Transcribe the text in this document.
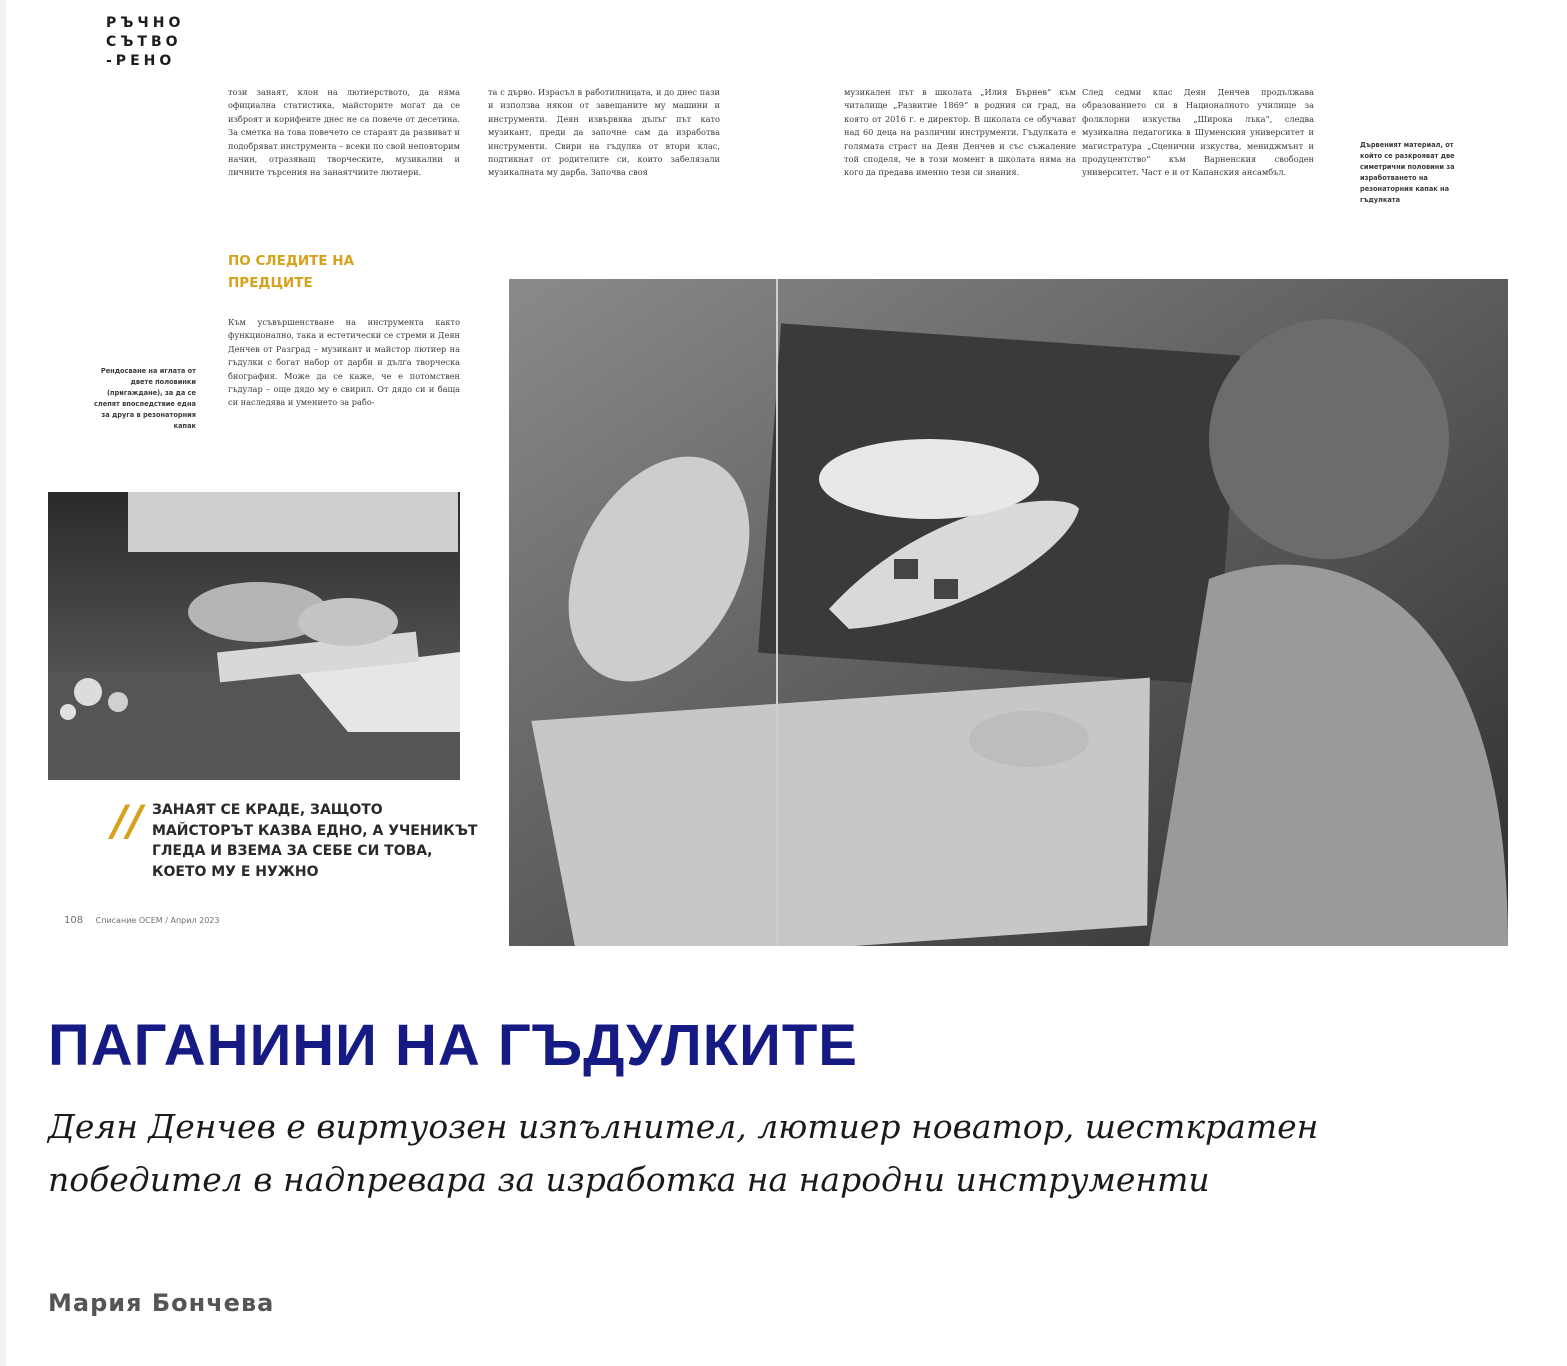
РЪЧНО
СЪТВО
-РЕНО
този занаят, клон на лютиерството, да няма официална статистика, майсторите могат да се изброят и корифеите днес не са повече от десетина. За сметка на това повечето се стараят да развиват и подобряват инструмента – всеки по свой неповторим начин, отразяващ творческите, музикални и личните търсения на занаятчиите лютиери.
та с дърво. Израсъл в работилницата, и до днес пази и използва някои от завещаните му машини и инструменти. Деян извървява дълъг път като музикант, преди да започне сам да изработва инструменти. Свири на гъдулка от втори клас, подтикнат от родителите си, които забелязали музикалната му дарба. Започва своя
музикален път в школата „Илия Бърнев“ към читалище „Развитие 1869“ в родния си град, на която от 2016 г. е директор. В школата се обучават над 60 деца на различни инструменти. Гъдулката е голямата страст на Деян Денчев и със съжаление той споделя, че в този момент в школата няма на кого да предава именно тези си знания.
След седми клас Деян Денчев продължава образованието си в Националното училище за фолклорни изкуства „Широка лъка“, следва музикална педагогика в Шуменския университет и магистратура „Сценични изкуства, мениджмънт и продуцентство“ към Варненския свободен университет. Част е и от Капанския ансамбъл.
ПО СЛЕДИТЕ НА ПРЕДЦИТЕ
Към усъвършенстване на инструмента както функционално, така и естетически се стреми и Деян Денчев от Разград – музикант и майстор лютиер на гъдулки с богат набор от дарби и дълга творческа биография. Може да се каже, че е потомствен гъдулар – още дядо му е свирил. От дядо си и баща си наследява и умението за рабо-
Рендосване на иглата от двете половинки (пригаждане), за да се слепят впоследствие една за друга в резонаторния капак
Дървеният материал, от който се разкрояват две симетрични половини за изработването на резонаторния капак на гъдулката
// ЗАНАЯТ СЕ КРАДЕ, ЗАЩОТО МАЙСТОРЪТ КАЗВА ЕДНО, А УЧЕНИКЪТ ГЛЕДА И ВЗЕМА ЗА СЕБЕ СИ ТОВА, КОЕТО МУ Е НУЖНО
108 Списание ОСЕМ / Април 2023
ПАГАНИНИ НА ГЪДУЛКИТЕ

Деян Денчев е виртуозен изпълнител, лютиер новатор, шесткратен победител в надпревара за изработка на народни инструменти

Мария Бончева
